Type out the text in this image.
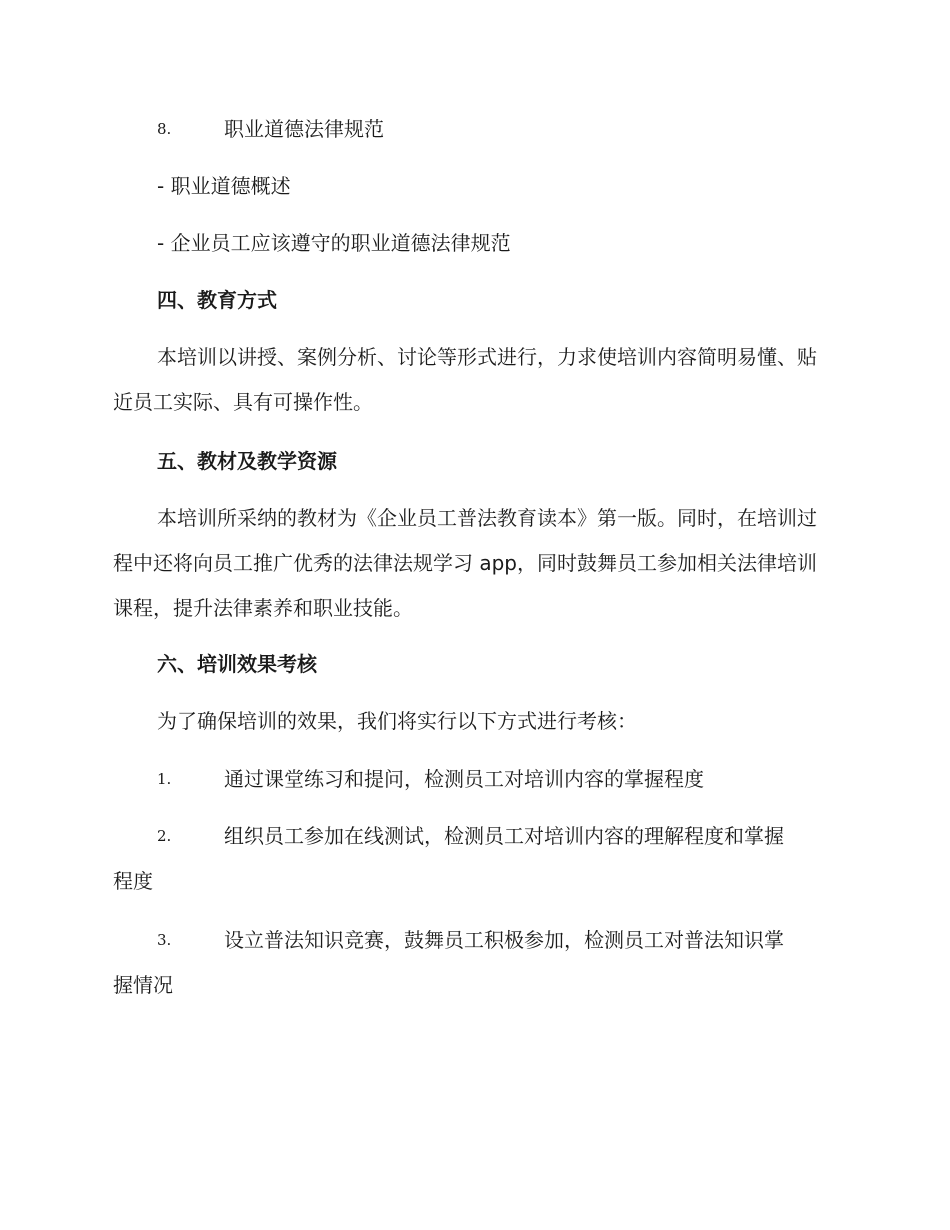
8.	职业道德法律规范
- 职业道德概述
- 企业员工应该遵守的职业道德法律规范

四、教育方式

本培训以讲授、案例分析、讨论等形式进行，力求使培训内容简明易懂、贴近员工实际、具有可操作性。

五、教材及教学资源

本培训所采纳的教材为《企业员工普法教育读本》第一版。同时，在培训过程中还将向员工推广优秀的法律法规学习 app，同时鼓舞员工参加相关法律培训课程，提升法律素养和职业技能。

六、培训效果考核

为了确保培训的效果，我们将实行以下方式进行考核：

1.	通过课堂练习和提问，检测员工对培训内容的掌握程度
2.	组织员工参加在线测试，检测员工对培训内容的理解程度和掌握
程度
3.	设立普法知识竞赛，鼓舞员工积极参加，检测员工对普法知识掌
握情况
